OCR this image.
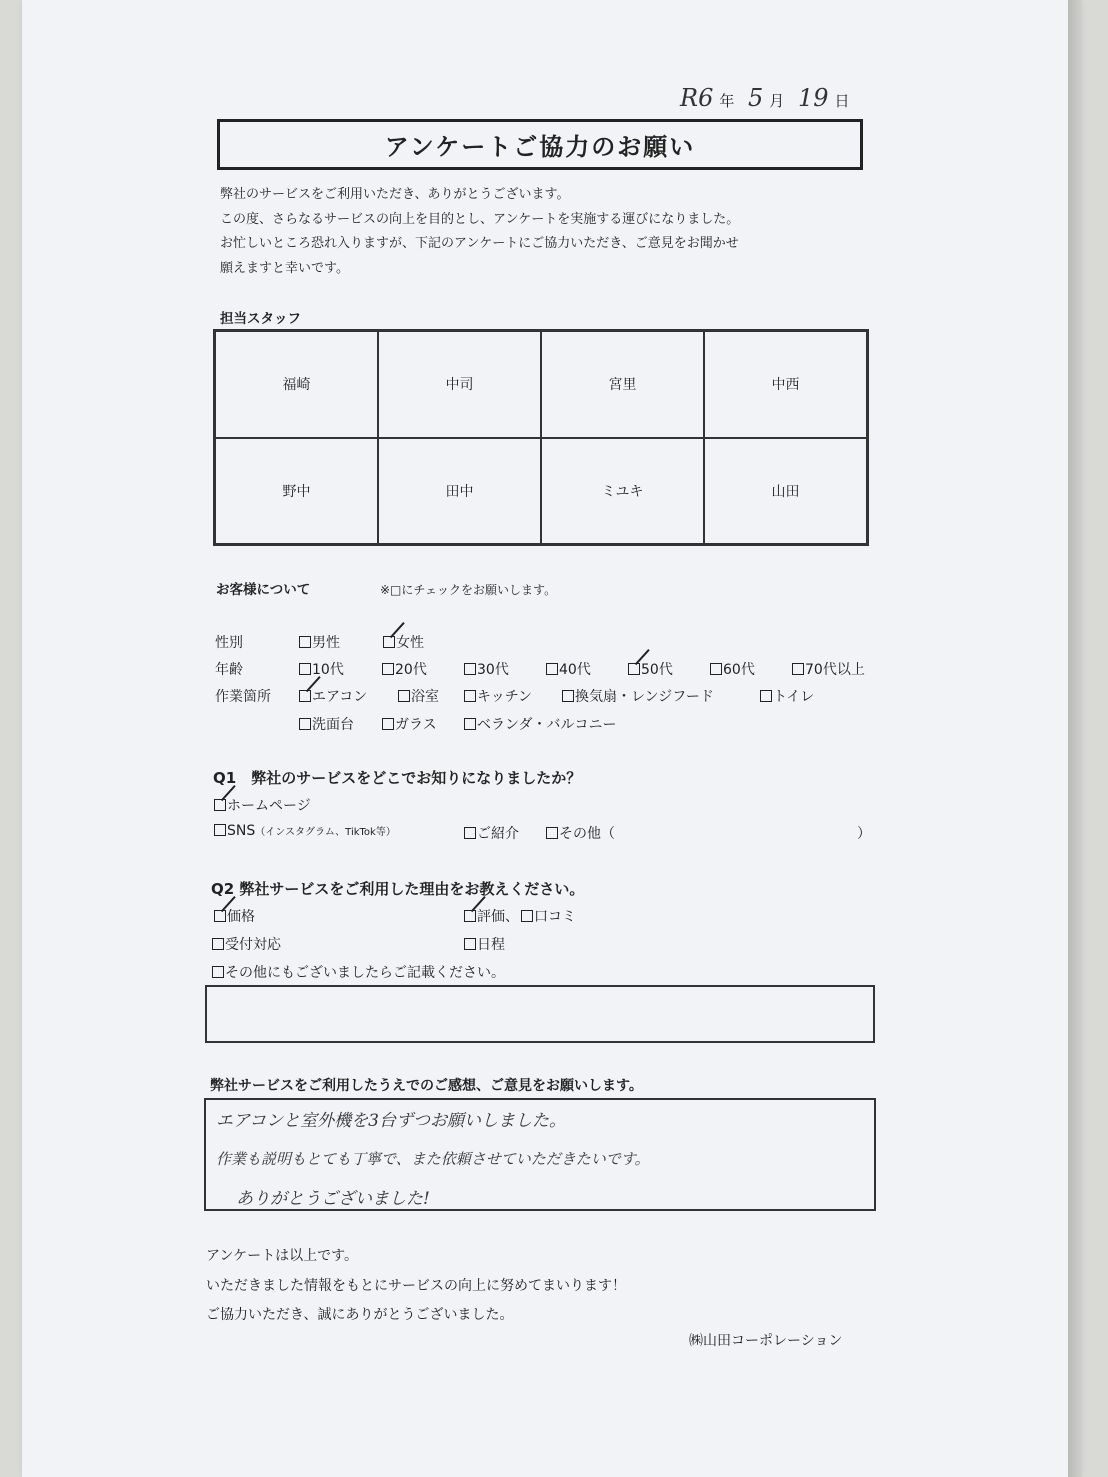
R6 年 5 月 19 日
アンケートご協力のお願い
弊社のサービスをご利用いただき、ありがとうございます。
この度、さらなるサービスの向上を目的とし、アンケートを実施する運びになりました。
お忙しいところ恐れ入りますが、下記のアンケートにご協力いただき、ご意見をお聞かせ
願えますと幸いです。
担当スタッフ
福崎	中司	宮里	中西
野中	田中	ミユキ	山田
お客様について	※□にチェックをお願いします。
性別	男性	女性
年齢	10代	20代	30代	40代	50代	60代	70代以上
作業箇所	エアコン	浴室	キッチン	換気扇・レンジフード	トイレ
洗面台	ガラス	ベランダ・バルコニー
Q1　弊社のサービスをどこでお知りになりましたか？
ホームページ
SNS（インスタグラム、TikTok等）	ご紹介	その他（	）
Q2 弊社サービスをご利用した理由をお教えください。
価格	評価、 口コミ
受付対応	日程
その他にもございましたらご記載ください。
弊社サービスをご利用したうえでのご感想、ご意見をお願いします。
エアコンと室外機を3台ずつお願いしました。
作業も説明もとても丁寧で、また依頼させていただきたいです。
ありがとうございました!
アンケートは以上です。
いただきました情報をもとにサービスの向上に努めてまいります！
ご協力いただき、誠にありがとうございました。
㈱山田コーポレーション
